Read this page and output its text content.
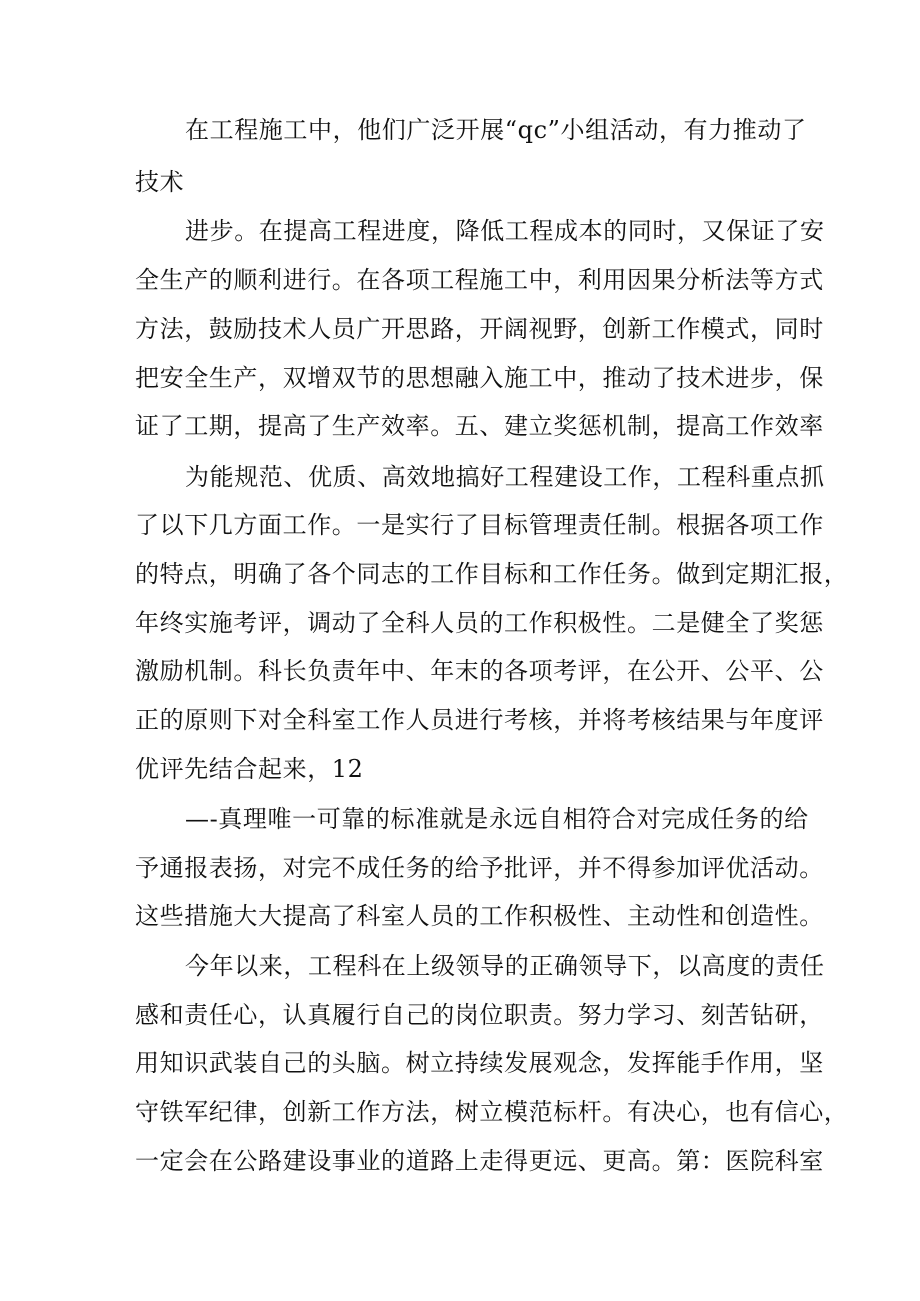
在工程施工中，他们广泛开展“qc”小组活动，有力推动了

技术

进步。在提高工程进度，降低工程成本的同时，又保证了安

全生产的顺利进行。在各项工程施工中，利用因果分析法等方式

方法，鼓励技术人员广开思路，开阔视野，创新工作模式，同时

把安全生产，双增双节的思想融入施工中，推动了技术进步，保

证了工期，提高了生产效率。五、建立奖惩机制，提高工作效率

为能规范、优质、高效地搞好工程建设工作，工程科重点抓

了以下几方面工作。一是实行了目标管理责任制。根据各项工作

的特点，明确了各个同志的工作目标和工作任务。做到定期汇报，

年终实施考评，调动了全科人员的工作积极性。二是健全了奖惩

激励机制。科长负责年中、年末的各项考评，在公开、公平、公

正的原则下对全科室工作人员进行考核，并将考核结果与年度评

优评先结合起来，12

—-真理唯一可靠的标准就是永远自相符合对完成任务的给

予通报表扬，对完不成任务的给予批评，并不得参加评优活动。

这些措施大大提高了科室人员的工作积极性、主动性和创造性。

今年以来，工程科在上级领导的正确领导下，以高度的责任

感和责任心，认真履行自己的岗位职责。努力学习、刻苦钻研，

用知识武装自己的头脑。树立持续发展观念，发挥能手作用，坚

守铁军纪律，创新工作方法，树立模范标杆。有决心，也有信心，

一定会在公路建设事业的道路上走得更远、更高。第：医院科室
